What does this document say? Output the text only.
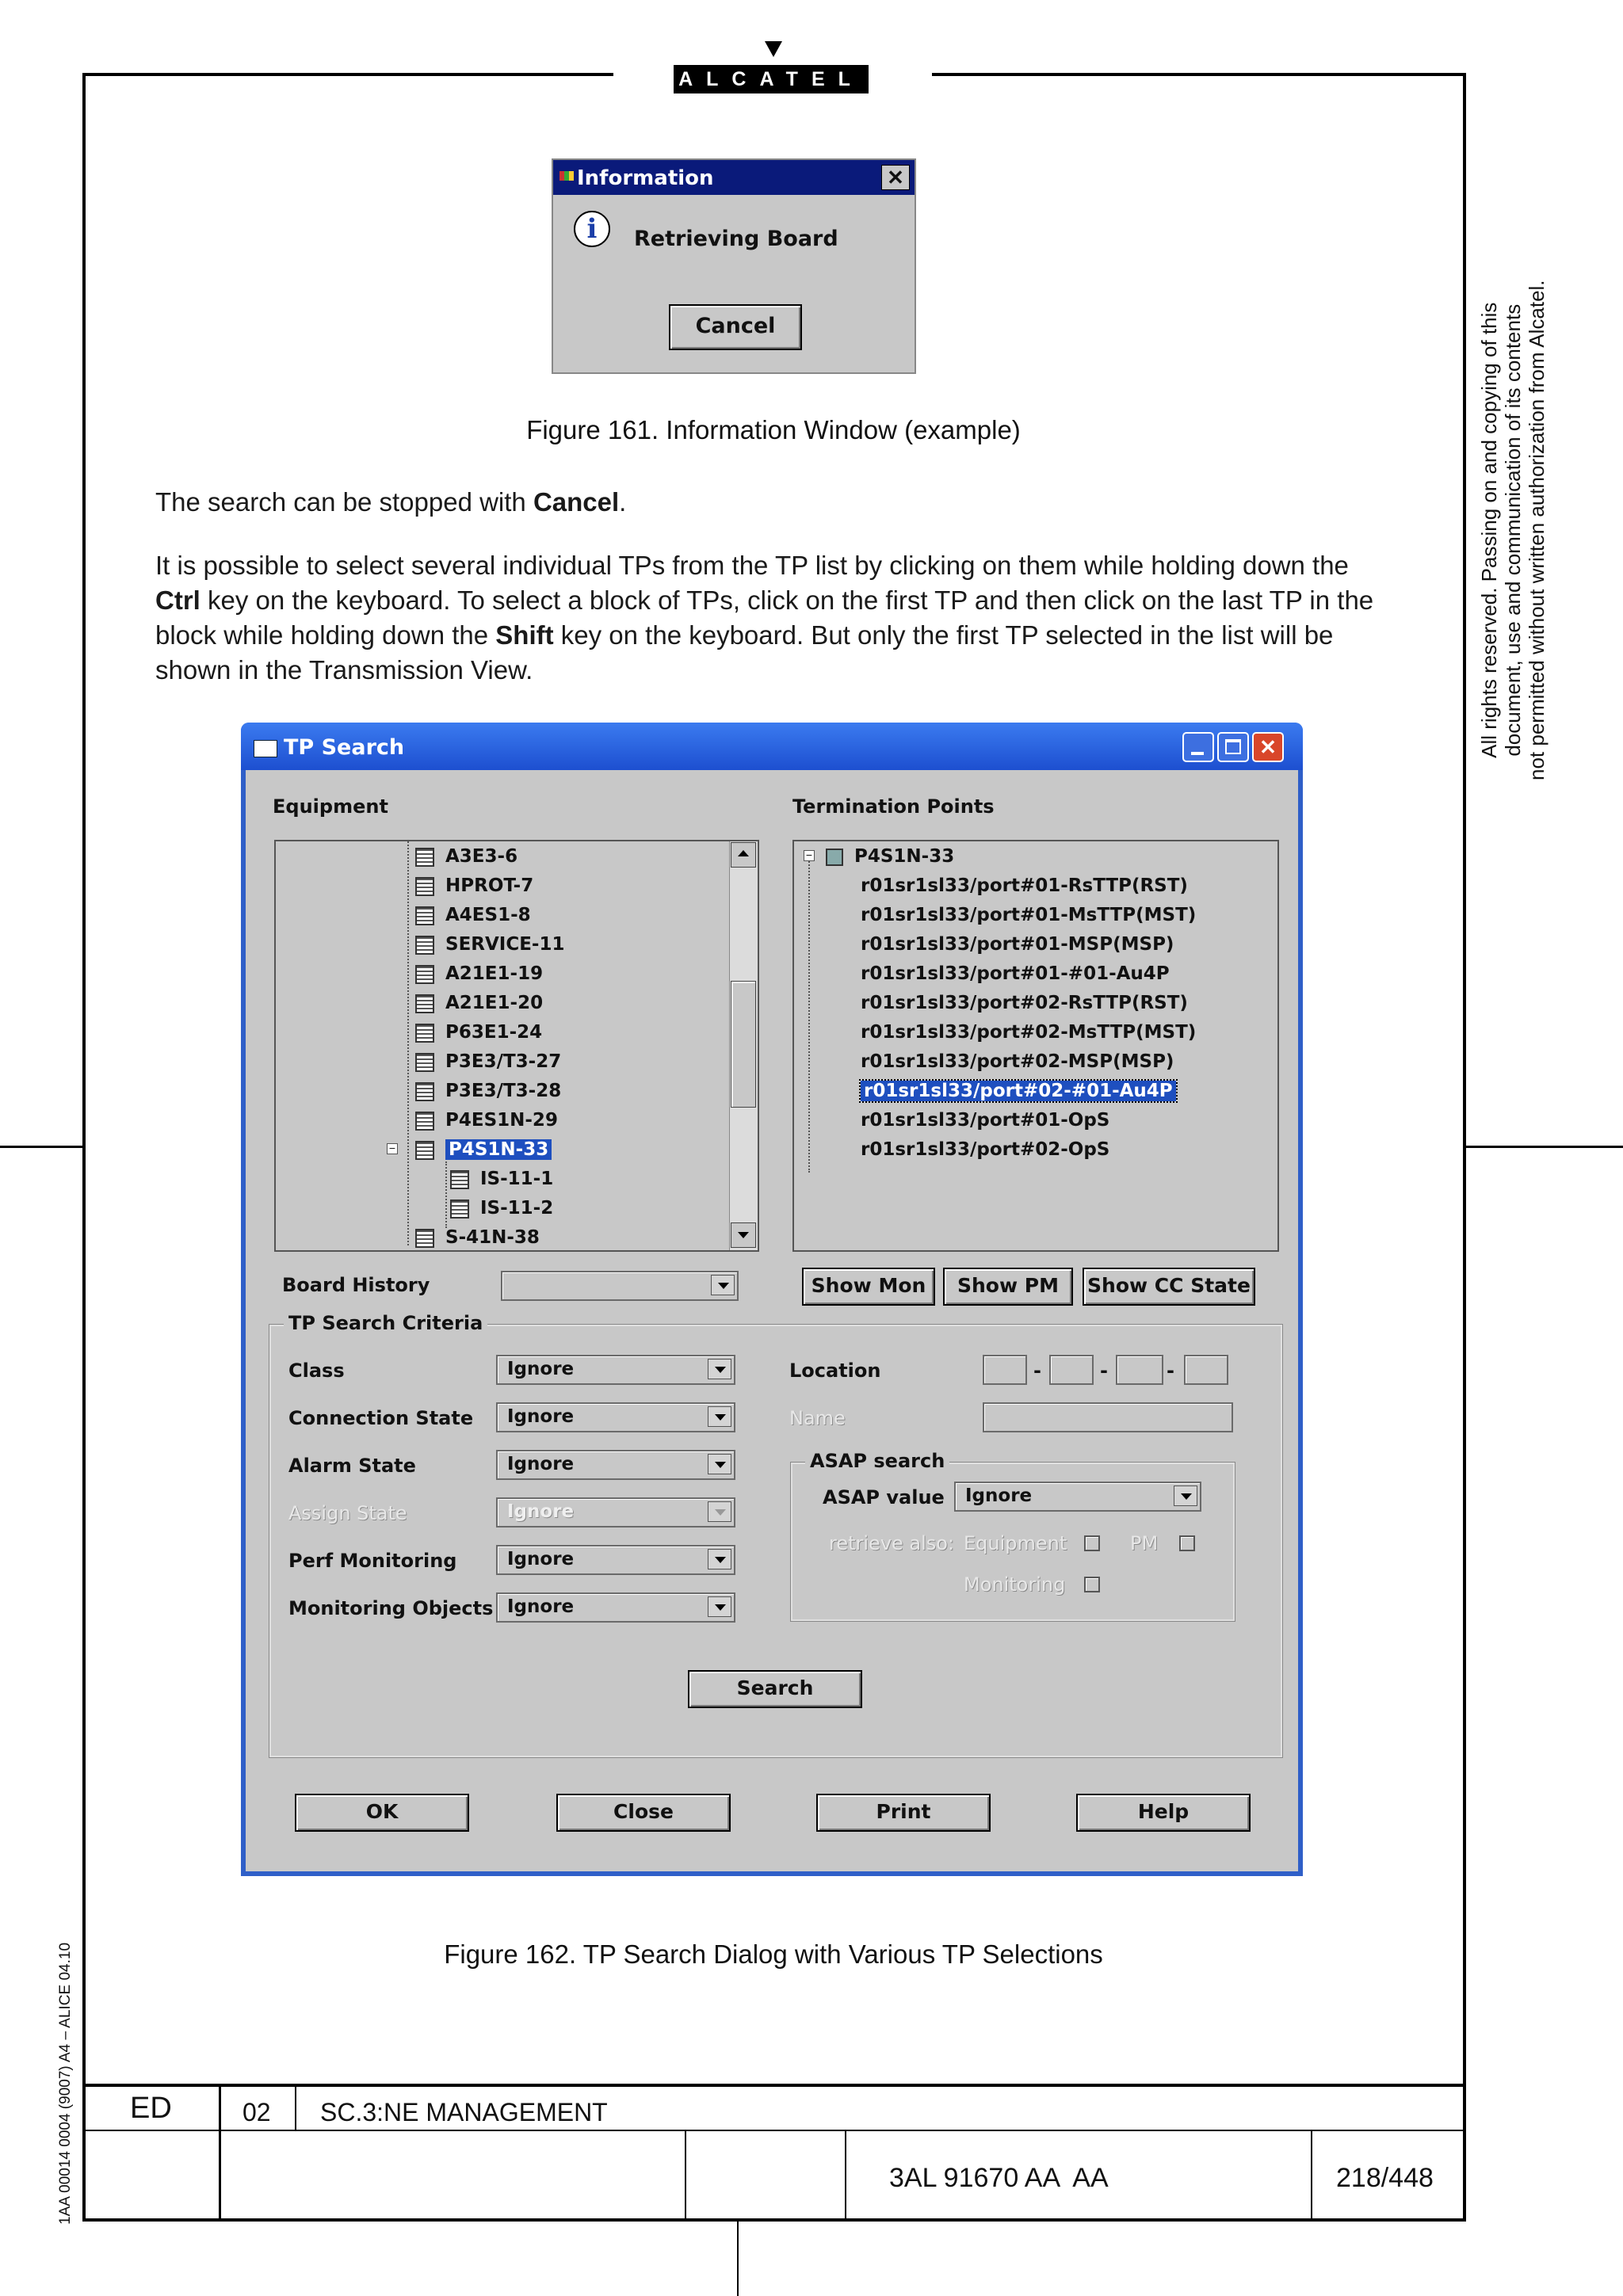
ALCATEL
All rights reserved. Passing on and copying of this document, use and communication of its contents not permitted without written authorization from Alcatel.
1AA 00014 0004 (9007) A4 – ALICE 04.10
Information	✕
i	Retrieving Board
Cancel
Figure 161. Information Window (example)
The search can be stopped with Cancel.
It is possible to select several individual TPs from the TP list by clicking on them while holding down the
Ctrl key on the keyboard. To select a block of TPs, click on the first TP and then click on the last TP in the
block while holding down the Shift key on the keyboard. But only the first TP selected in the list will be
shown in the Transmission View.
TP Search	✕
Equipment	Termination Points
A3E3-6
HPROT-7
A4ES1-8
SERVICE-11
A21E1-19
A21E1-20
P63E1-24
P3E3/T3-27
P3E3/T3-28
P4ES1N-29
−	P4S1N-33
IS-11-1
IS-11-2
S-41N-38
−	P4S1N-33
r01sr1sl33/port#01-RsTTP(RST)
r01sr1sl33/port#01-MsTTP(MST)
r01sr1sl33/port#01-MSP(MSP)
r01sr1sl33/port#01-#01-Au4P
r01sr1sl33/port#02-RsTTP(RST)
r01sr1sl33/port#02-MsTTP(MST)
r01sr1sl33/port#02-MSP(MSP)
r01sr1sl33/port#02-#01-Au4P
r01sr1sl33/port#01-OpS
r01sr1sl33/port#02-OpS
Board History	Show Mon	Show PM	Show CC State
TP Search Criteria
Class	Ignore
Connection State	Ignore
Alarm State	Ignore
Assign State	Ignore
Perf Monitoring	Ignore
Monitoring Objects Ignore
Location	-	-	-
Name
ASAP search
ASAP value	Ignore
retrieve also: Equipment	PM
Monitoring
Search
OK	Close	Print	Help
Figure 162. TP Search Dialog with Various TP Selections
ED	02 SC.3:NE MANAGEMENT
3AL 91670 AA  AA	218/448
